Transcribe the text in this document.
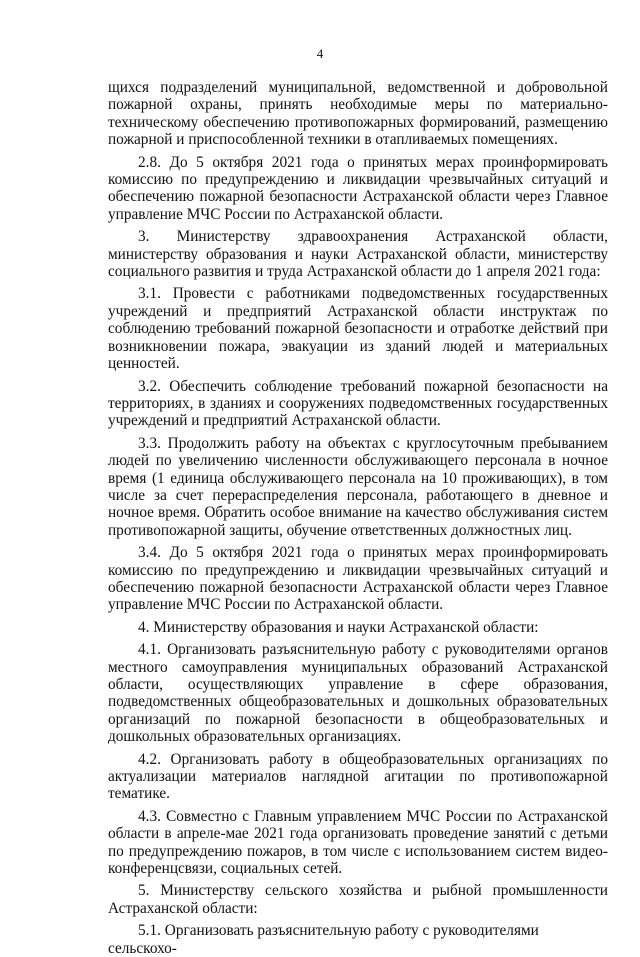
4

щихся подразделений муниципальной, ведомственной и добровольной пожарной охраны, принять необходимые меры по материально-техническому обеспечению противопожарных формирований, размещению пожарной и приспособленной техники в отапливаемых помещениях.

2.8. До 5 октября 2021 года о принятых мерах проинформировать комиссию по предупреждению и ликвидации чрезвычайных ситуаций и обеспечению пожарной безопасности Астраханской области через Главное управление МЧС России по Астраханской области.

3. Министерству здравоохранения Астраханской области, министерству образования и науки Астраханской области, министерству социального развития и труда Астраханской области до 1 апреля 2021 года:

3.1. Провести с работниками подведомственных государственных учреждений и предприятий Астраханской области инструктаж по соблюдению требований пожарной безопасности и отработке действий при возникновении пожара, эвакуации из зданий людей и материальных ценностей.

3.2. Обеспечить соблюдение требований пожарной безопасности на территориях, в зданиях и сооружениях подведомственных государственных учреждений и предприятий Астраханской области.

3.3. Продолжить работу на объектах с круглосуточным пребыванием людей по увеличению численности обслуживающего персонала в ночное время (1 единица обслуживающего персонала на 10 проживающих), в том числе за счет перераспределения персонала, работающего в дневное и ночное время. Обратить особое внимание на качество обслуживания систем противопожарной защиты, обучение ответственных должностных лиц.

3.4. До 5 октября 2021 года о принятых мерах проинформировать комиссию по предупреждению и ликвидации чрезвычайных ситуаций и обеспечению пожарной безопасности Астраханской области через Главное управление МЧС России по Астраханской области.

4. Министерству образования и науки Астраханской области:

4.1. Организовать разъяснительную работу с руководителями органов местного самоуправления муниципальных образований Астраханской области, осуществляющих управление в сфере образования, подведомственных общеобразовательных и дошкольных образовательных организаций по пожарной безопасности в общеобразовательных и дошкольных образовательных организациях.

4.2. Организовать работу в общеобразовательных организациях по актуализации материалов наглядной агитации по противопожарной тематике.

4.3. Совместно с Главным управлением МЧС России по Астраханской области в апреле-мае 2021 года организовать проведение занятий с детьми по предупреждению пожаров, в том числе с использованием систем видео-конференцсвязи, социальных сетей.

5. Министерству сельского хозяйства и рыбной промышленности Астраханской области:

5.1. Организовать разъяснительную работу с руководителями сельскохо-
